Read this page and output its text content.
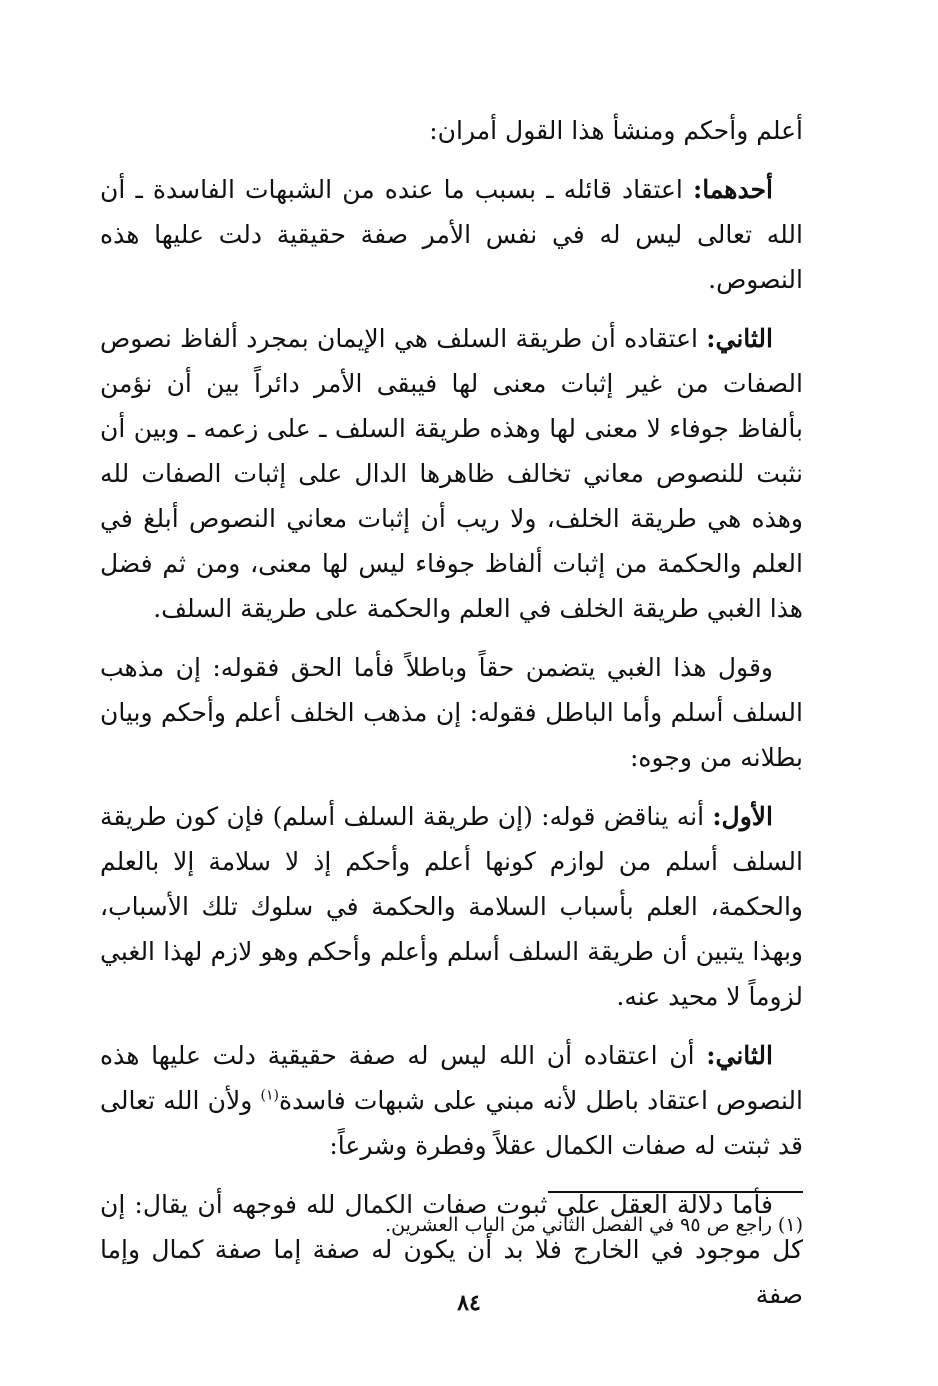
أعلم وأحكم ومنشأ هذا القول أمران:

أحدهما: اعتقاد قائله ـ بسبب ما عنده من الشبهات الفاسدة ـ أن الله تعالى ليس له في نفس الأمر صفة حقيقية دلت عليها هذه النصوص.

الثاني: اعتقاده أن طريقة السلف هي الإيمان بمجرد ألفاظ نصوص الصفات من غير إثبات معنى لها فيبقى الأمر دائراً بين أن نؤمن بألفاظ جوفاء لا معنى لها وهذه طريقة السلف ـ على زعمه ـ وبين أن نثبت للنصوص معاني تخالف ظاهرها الدال على إثبات الصفات لله وهذه هي طريقة الخلف، ولا ريب أن إثبات معاني النصوص أبلغ في العلم والحكمة من إثبات ألفاظ جوفاء ليس لها معنى، ومن ثم فضل هذا الغبي طريقة الخلف في العلم والحكمة على طريقة السلف.

وقول هذا الغبي يتضمن حقاً وباطلاً فأما الحق فقوله: إن مذهب السلف أسلم وأما الباطل فقوله: إن مذهب الخلف أعلم وأحكم وبيان بطلانه من وجوه:

الأول: أنه يناقض قوله: (إن طريقة السلف أسلم) فإن كون طريقة السلف أسلم من لوازم كونها أعلم وأحكم إذ لا سلامة إلا بالعلم والحكمة، العلم بأسباب السلامة والحكمة في سلوك تلك الأسباب، وبهذا يتبين أن طريقة السلف أسلم وأعلم وأحكم وهو لازم لهذا الغبي لزوماً لا محيد عنه.

الثاني: أن اعتقاده أن الله ليس له صفة حقيقية دلت عليها هذه النصوص اعتقاد باطل لأنه مبني على شبهات فاسدة$^{(١)}$ ولأن الله تعالى قد ثبتت له صفات الكمال عقلاً وفطرة وشرعاً:

فأما دلالة العقل على ثبوت صفات الكمال لله فوجهه أن يقال: إن كل موجود في الخارج فلا بد أن يكون له صفة إما صفة كمال وإما صفة

(١) راجع ص ٩٥ في الفصل الثاني من الباب العشرين.
٨٤
